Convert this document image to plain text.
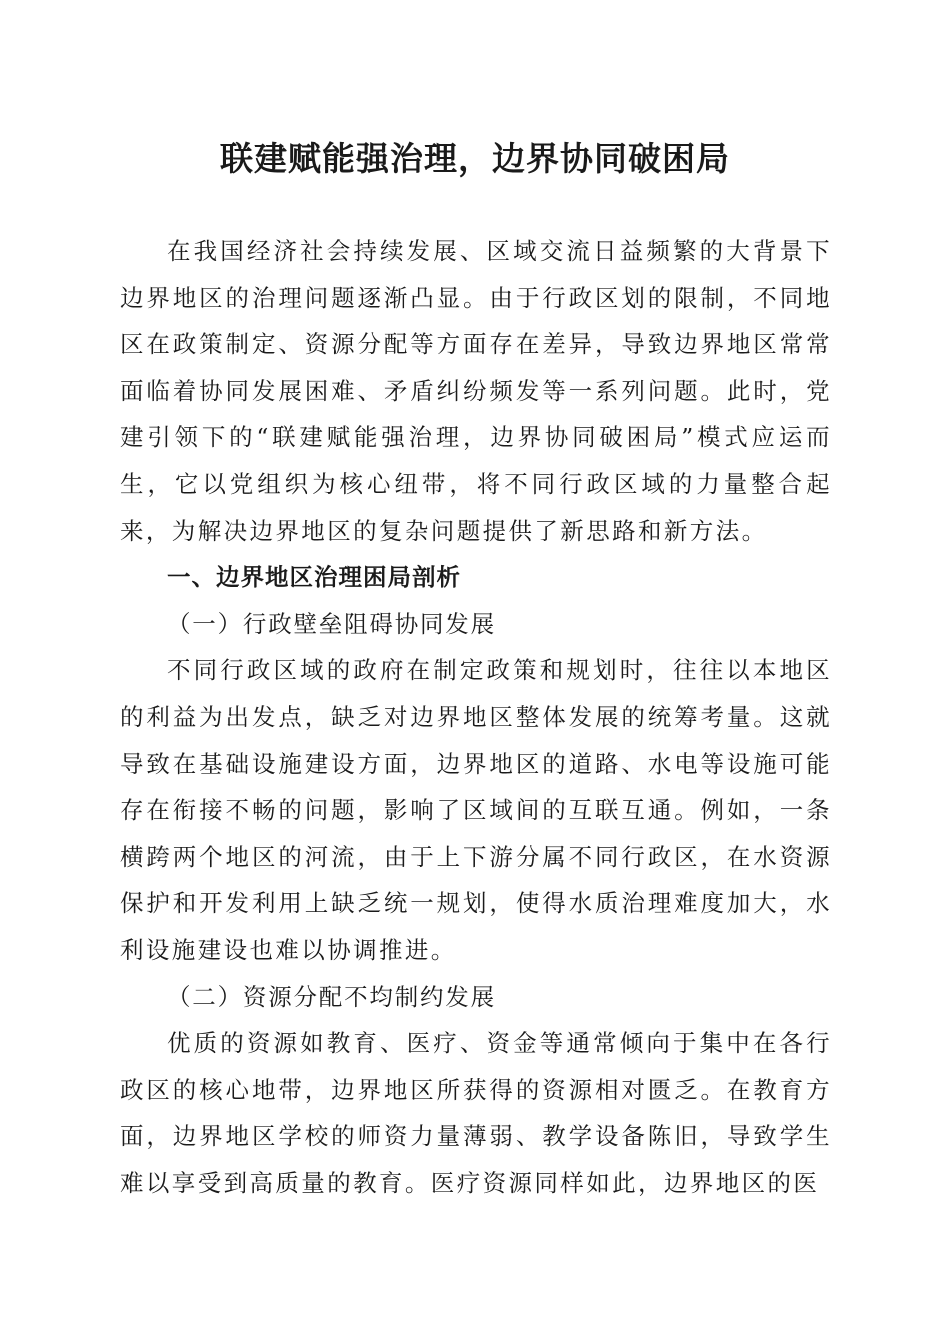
联建赋能强治理，边界协同破困局

在我国经济社会持续发展、区域交流日益频繁的大背景下边界地区的治理问题逐渐凸显。由于行政区划的限制，不同地区在政策制定、资源分配等方面存在差异，导致边界地区常常面临着协同发展困难、矛盾纠纷频发等一系列问题。此时，党建引领下的“联建赋能强治理，边界协同破困局”模式应运而生，它以党组织为核心纽带，将不同行政区域的力量整合起来，为解决边界地区的复杂问题提供了新思路和新方法。

一、边界地区治理困局剖析

（一）行政壁垒阻碍协同发展

不同行政区域的政府在制定政策和规划时，往往以本地区的利益为出发点，缺乏对边界地区整体发展的统筹考量。这就导致在基础设施建设方面，边界地区的道路、水电等设施可能存在衔接不畅的问题，影响了区域间的互联互通。例如，一条横跨两个地区的河流，由于上下游分属不同行政区，在水资源保护和开发利用上缺乏统一规划，使得水质治理难度加大，水利设施建设也难以协调推进。

（二）资源分配不均制约发展

优质的资源如教育、医疗、资金等通常倾向于集中在各行政区的核心地带，边界地区所获得的资源相对匮乏。在教育方面，边界地区学校的师资力量薄弱、教学设备陈旧，导致学生难以享受到高质量的教育。医疗资源同样如此，边界地区的医
